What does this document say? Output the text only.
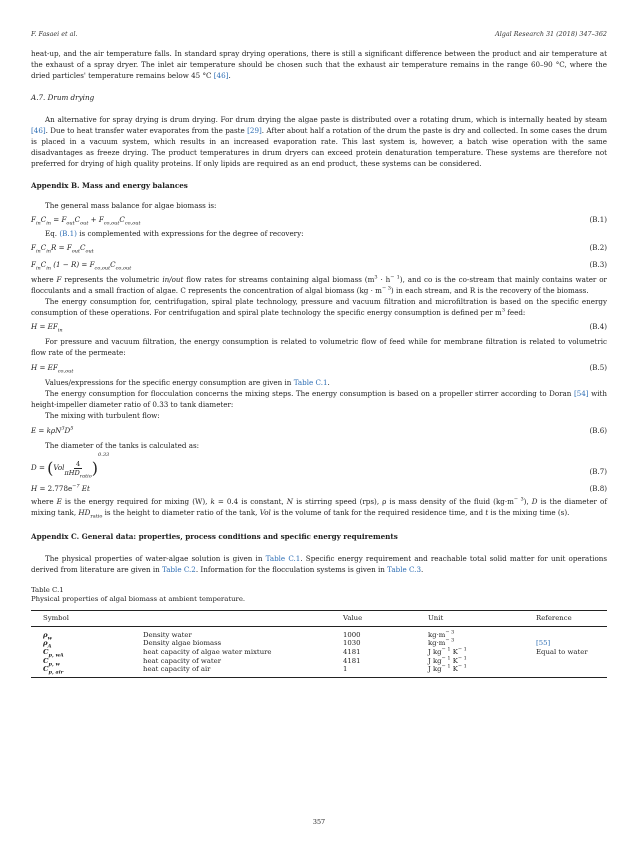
F. Fasaei et al.	Algal Research 31 (2018) 347–362

heat-up, and the air temperature falls. In standard spray drying operations, there is still a significant difference between the product and air temperature at the exhaust of a spray dryer. The inlet air temperature should be chosen such that the exhaust air temperature remains in the range 60–90 °C, where the dried particles' temperature remains below 45 °C [46].

A.7. Drum drying

An alternative for spray drying is drum drying. For drum drying the algae paste is distributed over a rotating drum, which is internally heated by steam [46]. Due to heat transfer water evaporates from the paste [29]. After about half a rotation of the drum the paste is dry and collected. In some cases the drum is placed in a vacuum system, which results in an increased evaporation rate. This last system is, however, a batch wise operation with the same disadvantages as freeze drying. The product temperatures in drum dryers can exceed protein denaturation temperature. These systems are therefore not preferred for drying of high quality proteins. If only lipids are required as an end product, these systems can be considered.

Appendix B. Mass and energy balances

The general mass balance for algae biomass is:

$F_{in}C_{in} = F_{out}C_{out} + F_{co,out}C_{co,out}$	(B.1)

Eq. (B.1) is complemented with expressions for the degree of recovery:

$F_{in}C_{in}R = F_{out}C_{out}$	(B.2)
$F_{in}C_{in}$ $(1 - R) = F_{co,out}C_{co,out}$	(B.3)

where F represents the volumetric in/out flow rates for streams containing algal biomass $(m^3 \cdot h^{- 1})$, and co is the co-stream that mainly contains water or flocculants and a small fraction of algae. C represents the concentration of algal biomass $(kg \cdot m^{- 3})$ in each stream, and R is the recovery of the biomass.

The energy consumption for, centrifugation, spiral plate technology, pressure and vacuum filtration and microfiltration is based on the specific energy consumption of these operations. For centrifugation and spiral plate technology the specific energy consumption is defined per $m^3$ feed:

$H = EF_{in}$	(B.4)

For pressure and vacuum filtration, the energy consumption is related to volumetric flow of feed while for membrane filtration is related to volumetric flow rate of the permeate:

$H = EF_{co,out}$	(B.5)

Values/expressions for the specific energy consumption are given in Table C.1.

The energy consumption for flocculation concerns the mixing steps. The energy consumption is based on a propeller stirrer according to Doran [54] with height-impeller diameter ratio of 0.33 to tank diameter:

The mixing with turbulent flow:

$E = k\rho N^3D^5$	(B.6)

The diameter of the tanks is calculated as:

$D = (Vol \frac{4}{\pi HD_{ratio}} )^{0.33}$
(B.7)
$H = 2.778e^{-7}$ Et	(B.8)

where E is the energy required for mixing (W), k = 0.4 is constant, N is stirring speed (rps), ρ is mass density of the fluid $(kg\cdot m^{- 3})$, D is the diameter of mixing tank, $HD_{ratio}$ is the height to diameter ratio of the tank, Vol is the volume of tank for the required residence time, and t is the mixing time (s).

Appendix C. General data: properties, process conditions and specific energy requirements

The physical properties of water-algae solution is given in Table C.1. Specific energy requirement and reachable total solid matter for unit operations derived from literature are given in Table C.2. Information for the flocculation systems is given in Table C.3.

Table C.1
Physical properties of algal biomass at ambient temperature.
Symbol		Value	Unit	Reference

$\rho_w$	Density water	1000	$kg\cdot m^{- 3}$	
$\rho_A$	Density algae biomass	1030	$kg\cdot m^{- 3}$	[55]
$C_{p, wA}$	heat capacity of algae water mixture	4181	J $kg^{- 1}$ $K^{- 1}$	Equal to water
$C_{p, w}$	heat capacity of water	4181	J $kg^{- 1}$ $K^{- 1}$	
$C_{p, air}$	heat capacity of air	1	J $kg^{- 1}$ $K^{- 1}$	
357
